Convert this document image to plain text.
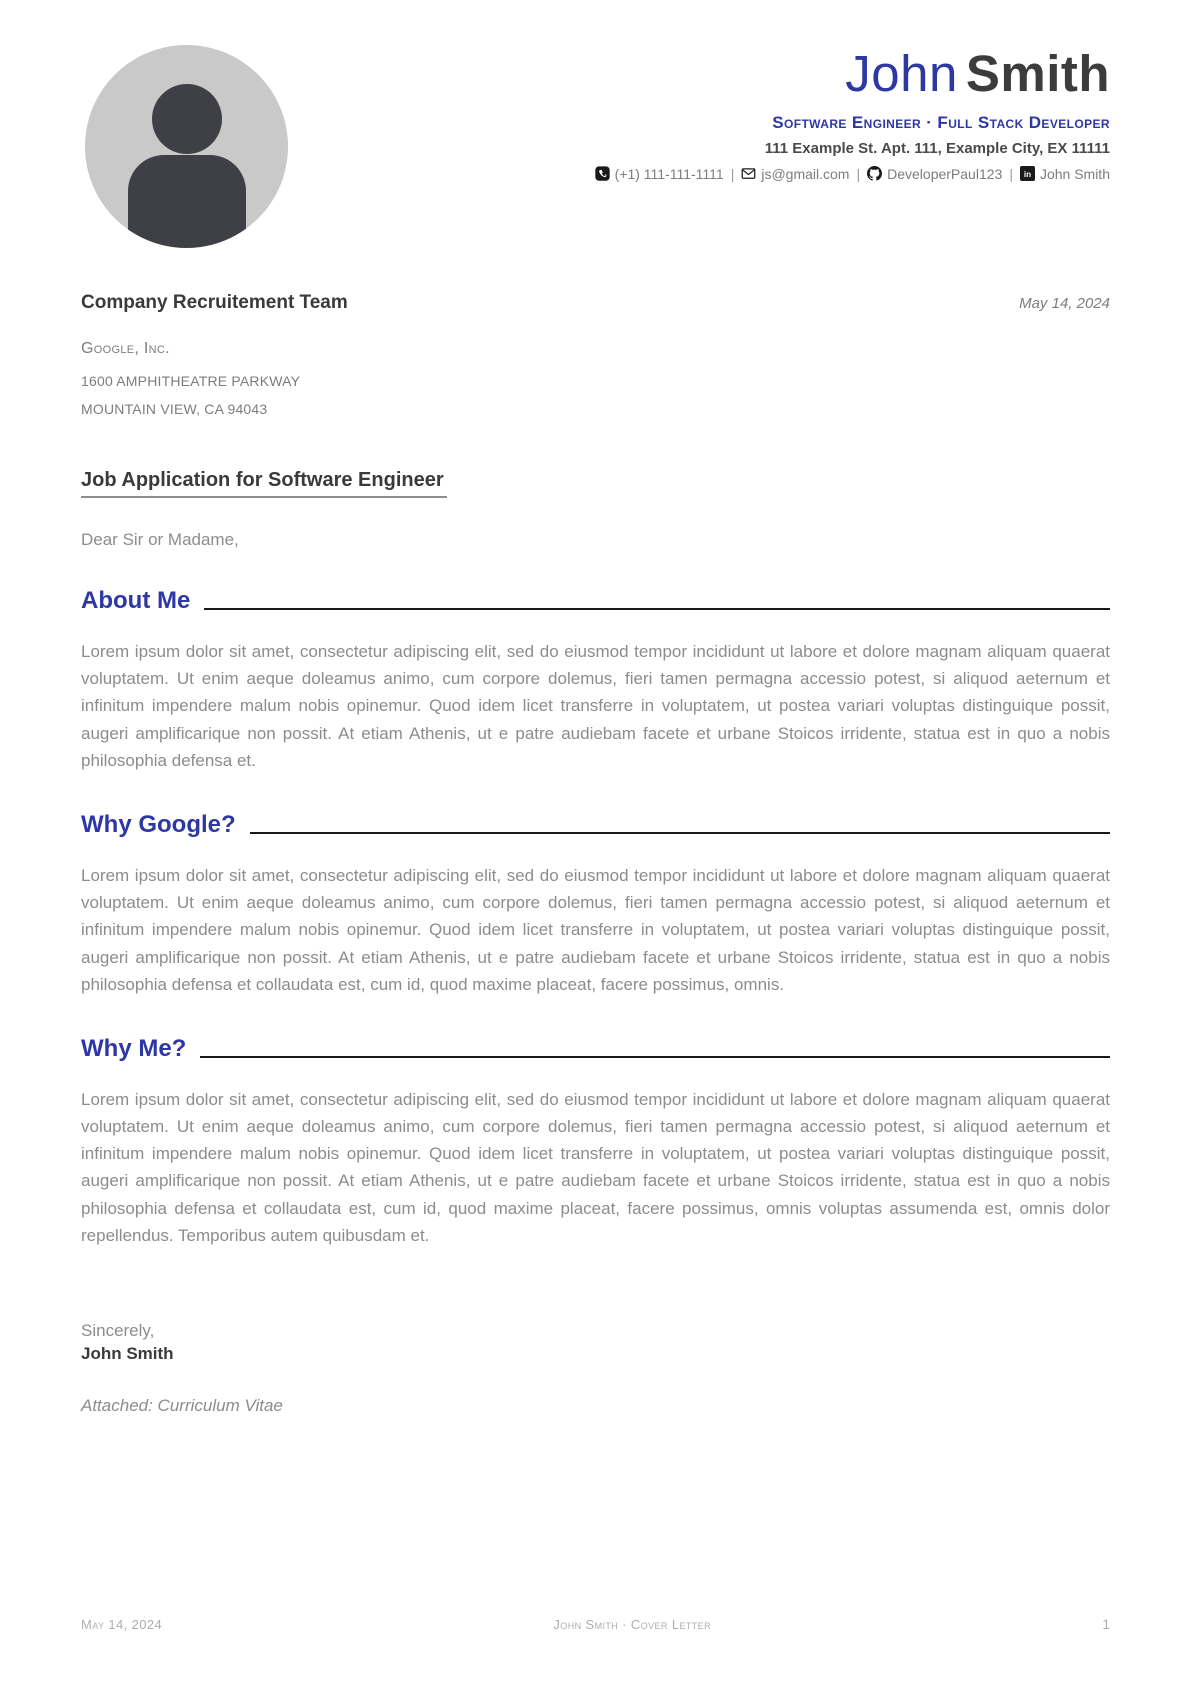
John Smith
Software Engineer · Full Stack Developer
111 Example St. Apt. 111, Example City, EX 11111
(+1) 111-111-1111 | js@gmail.com | DeveloperPaul123 | in John Smith
Company Recruitement Team	May 14, 2024
Google, Inc.
1600 AMPHITHEATRE PARKWAY
MOUNTAIN VIEW, CA 94043
Job Application for Software Engineer
Dear Sir or Madame,
About Me

Lorem ipsum dolor sit amet, consectetur adipiscing elit, sed do eiusmod tempor incididunt ut labore et dolore magnam aliquam quaerat voluptatem. Ut enim aeque doleamus animo, cum corpore dolemus, fieri tamen permagna accessio potest, si aliquod aeternum et infinitum impendere malum nobis opinemur. Quod idem licet transferre in voluptatem, ut postea variari voluptas distinguique possit, augeri amplificarique non possit. At etiam Athenis, ut e patre audiebam facete et urbane Stoicos irridente, statua est in quo a nobis philosophia defensa et.

Why Google?

Lorem ipsum dolor sit amet, consectetur adipiscing elit, sed do eiusmod tempor incididunt ut labore et dolore magnam aliquam quaerat voluptatem. Ut enim aeque doleamus animo, cum corpore dolemus, fieri tamen permagna accessio potest, si aliquod aeternum et infinitum impendere malum nobis opinemur. Quod idem licet transferre in voluptatem, ut postea variari voluptas distinguique possit, augeri amplificarique non possit. At etiam Athenis, ut e patre audiebam facete et urbane Stoicos irridente, statua est in quo a nobis philosophia defensa et collaudata est, cum id, quod maxime placeat, facere possimus, omnis.

Why Me?

Lorem ipsum dolor sit amet, consectetur adipiscing elit, sed do eiusmod tempor incididunt ut labore et dolore magnam aliquam quaerat voluptatem. Ut enim aeque doleamus animo, cum corpore dolemus, fieri tamen permagna accessio potest, si aliquod aeternum et infinitum impendere malum nobis opinemur. Quod idem licet transferre in voluptatem, ut postea variari voluptas distinguique possit, augeri amplificarique non possit. At etiam Athenis, ut e patre audiebam facete et urbane Stoicos irridente, statua est in quo a nobis philosophia defensa et collaudata est, cum id, quod maxime placeat, facere possimus, omnis voluptas assumenda est, omnis dolor repellendus. Temporibus autem quibusdam et.

Sincerely,
John Smith
Attached: Curriculum Vitae
May 14, 2024	John Smith · Cover Letter	1
